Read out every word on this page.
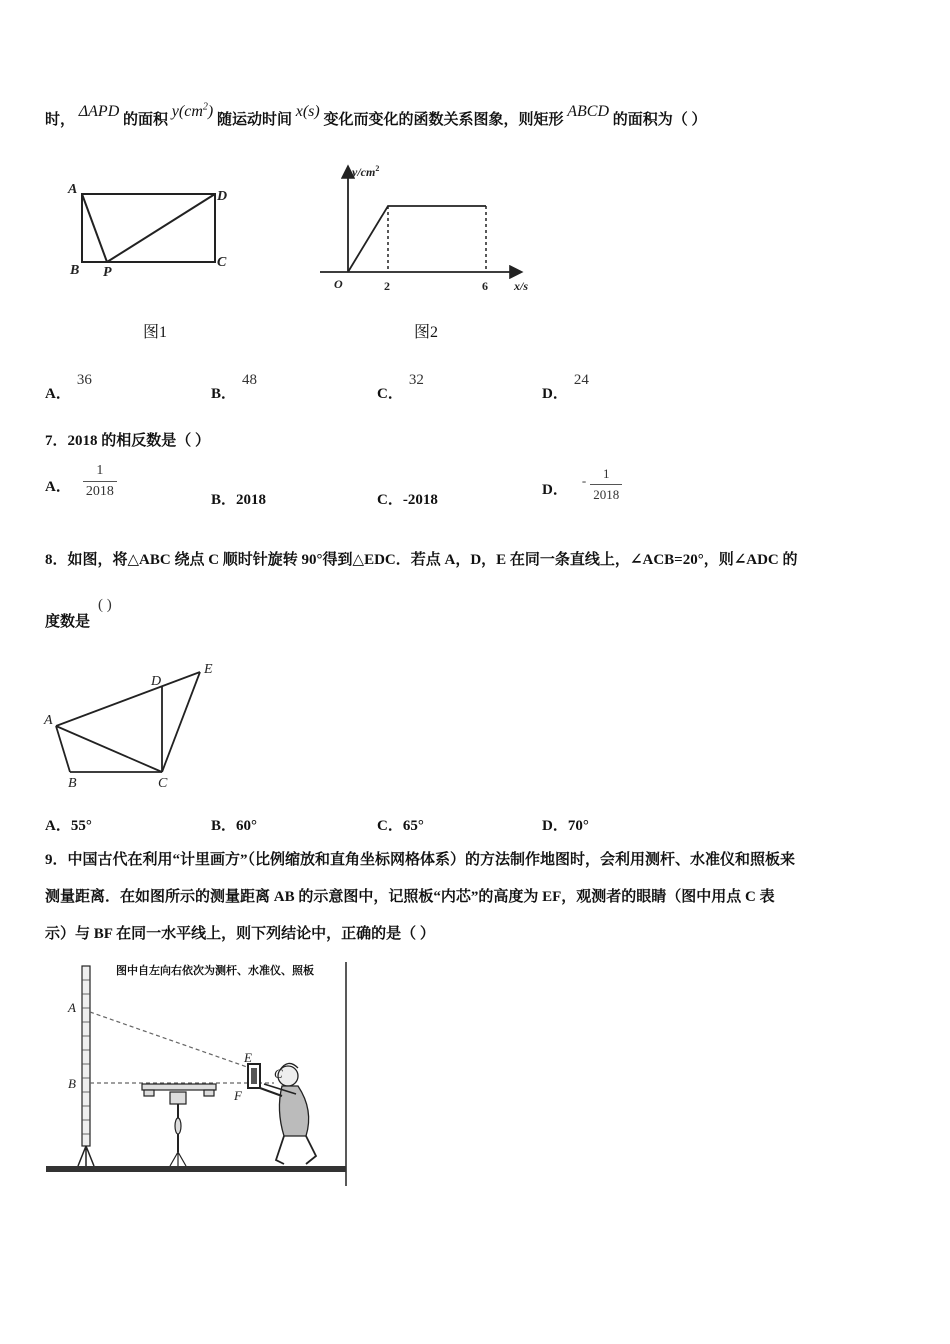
时， ΔAPD 的面积 $y(cm^2)$ 随运动时间 x(s) 变化而变化的函数关系图象，则矩形 ABCD 的面积为（ ）
A
B
C
D
P
图1
$y/cm^2$
O	2	6 x/s
图2
A．36
B．48
C．32
D．24
7．2018 的相反数是（ ）
A． $\frac{1}{2018}$	B．2018	C．-2018
D．
- $\frac{1}{2018}$
8．如图，将△ABC 绕点 C 顺时针旋转 90°得到△EDC．若点 A，D，E 在同一条直线上，∠ACB=20°，则∠ADC 的
度数是
( )
A
B	C
D
E
A．55°	B．60°	C．65°	D．70°
9．中国古代在利用“计里画方”（比例缩放和直角坐标网格体系）的方法制作地图时，会利用测杆、水准仪和照板来
测量距离．在如图所示的测量距离 AB 的示意图中，记照板“内芯”的高度为 EF，观测者的眼睛（图中用点 C 表
示）与 BF 在同一水平线上，则下列结论中，正确的是（ ）
图中自左向右依次为测杆、水准仪、照板
A
B
E
F
C
